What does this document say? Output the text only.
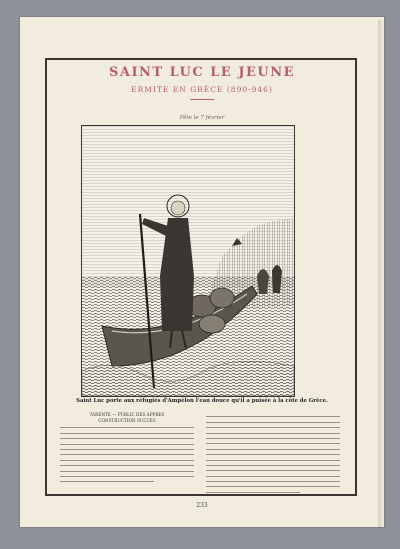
SAINT LUC LE JEUNE

ERMITE EN GRÈCE (890-946)

Fête le 7 février

Saint Luc porte aux réfugiés d'Ampélon l'eau douce qu'il a puisée à la côte de Grèce.

TARENTE — PUBLIC DES APPRES
CONSTRUCTION SUCCES

233
